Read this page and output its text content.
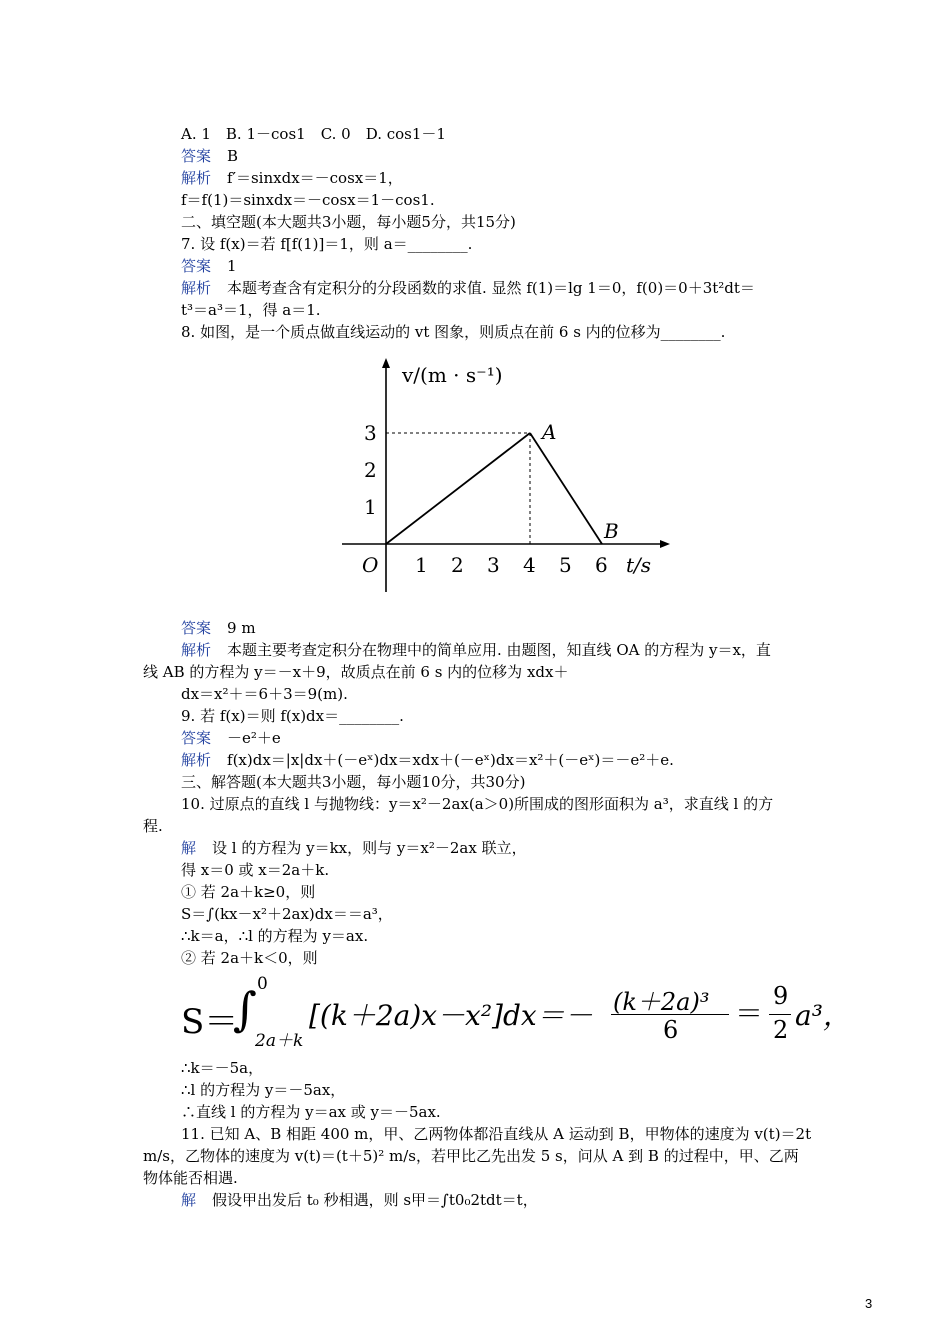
A. 1　B. 1－cos1　C. 0　D. cos1－1
答案 B
解析 f′＝sinxdx＝－cosx＝1，
f＝f(1)＝sinxdx＝－cosx＝1－cos1.
二、填空题(本大题共3小题，每小题5分，共15分)
7. 设 f(x)＝若 f[f(1)]＝1，则 a＝________.
答案 1
解析 本题考查含有定积分的分段函数的求值. 显然 f(1)＝lg 1＝0，f(0)＝0＋3t²dt＝
t³＝a³＝1，得 a＝1.
8. 如图，是一个质点做直线运动的 vt 图象，则质点在前 6 s 内的位移为________.
答案 9 m
解析 本题主要考查定积分在物理中的简单应用. 由题图，知直线 OA 的方程为 y＝x，直
线 AB 的方程为 y＝－x＋9，故质点在前 6 s 内的位移为 xdx＋
dx＝x²＋＝6＋3＝9(m).
9. 若 f(x)＝则 f(x)dx＝________.
答案 －e²＋e
解析 f(x)dx＝|x|dx＋(－eˣ)dx＝xdx＋(－eˣ)dx＝x²＋(－eˣ)＝－e²＋e.
三、解答题(本大题共3小题，每小题10分，共30分)
10. 过原点的直线 l 与抛物线：y＝x²－2ax(a＞0)所围成的图形面积为 a³，求直线 l 的方
程.
解 设 l 的方程为 y＝kx，则与 y＝x²－2ax 联立，
得 x＝0 或 x＝2a＋k.
① 若 2a＋k≥0，则
S＝∫(kx－x²＋2ax)dx＝＝a³，
∴k＝a，∴l 的方程为 y＝ax.
② 若 2a＋k＜0，则
∴k＝－5a，
∴l 的方程为 y＝－5ax，
∴直线 l 的方程为 y＝ax 或 y＝－5ax.
11. 已知 A、B 相距 400 m，甲、乙两物体都沿直线从 A 运动到 B，甲物体的速度为 v(t)＝2t
m/s，乙物体的速度为 v(t)＝(t＋5)² m/s，若甲比乙先出发 5 s，问从 A 到 B 的过程中，甲、乙两
物体能否相遇.
解 假设甲出发后 t₀ 秒相遇，则 s甲＝∫t0₀2tdt＝t，
1 2 3 4 5 6
1
2
3	A
B
v/(m · s⁻¹)
t/s
O
S＝
∫ 0
2a＋k
[(k＋2a)x－x²]dx＝－ (k＋2a)³
6 ＝
9
2 a³，
3
